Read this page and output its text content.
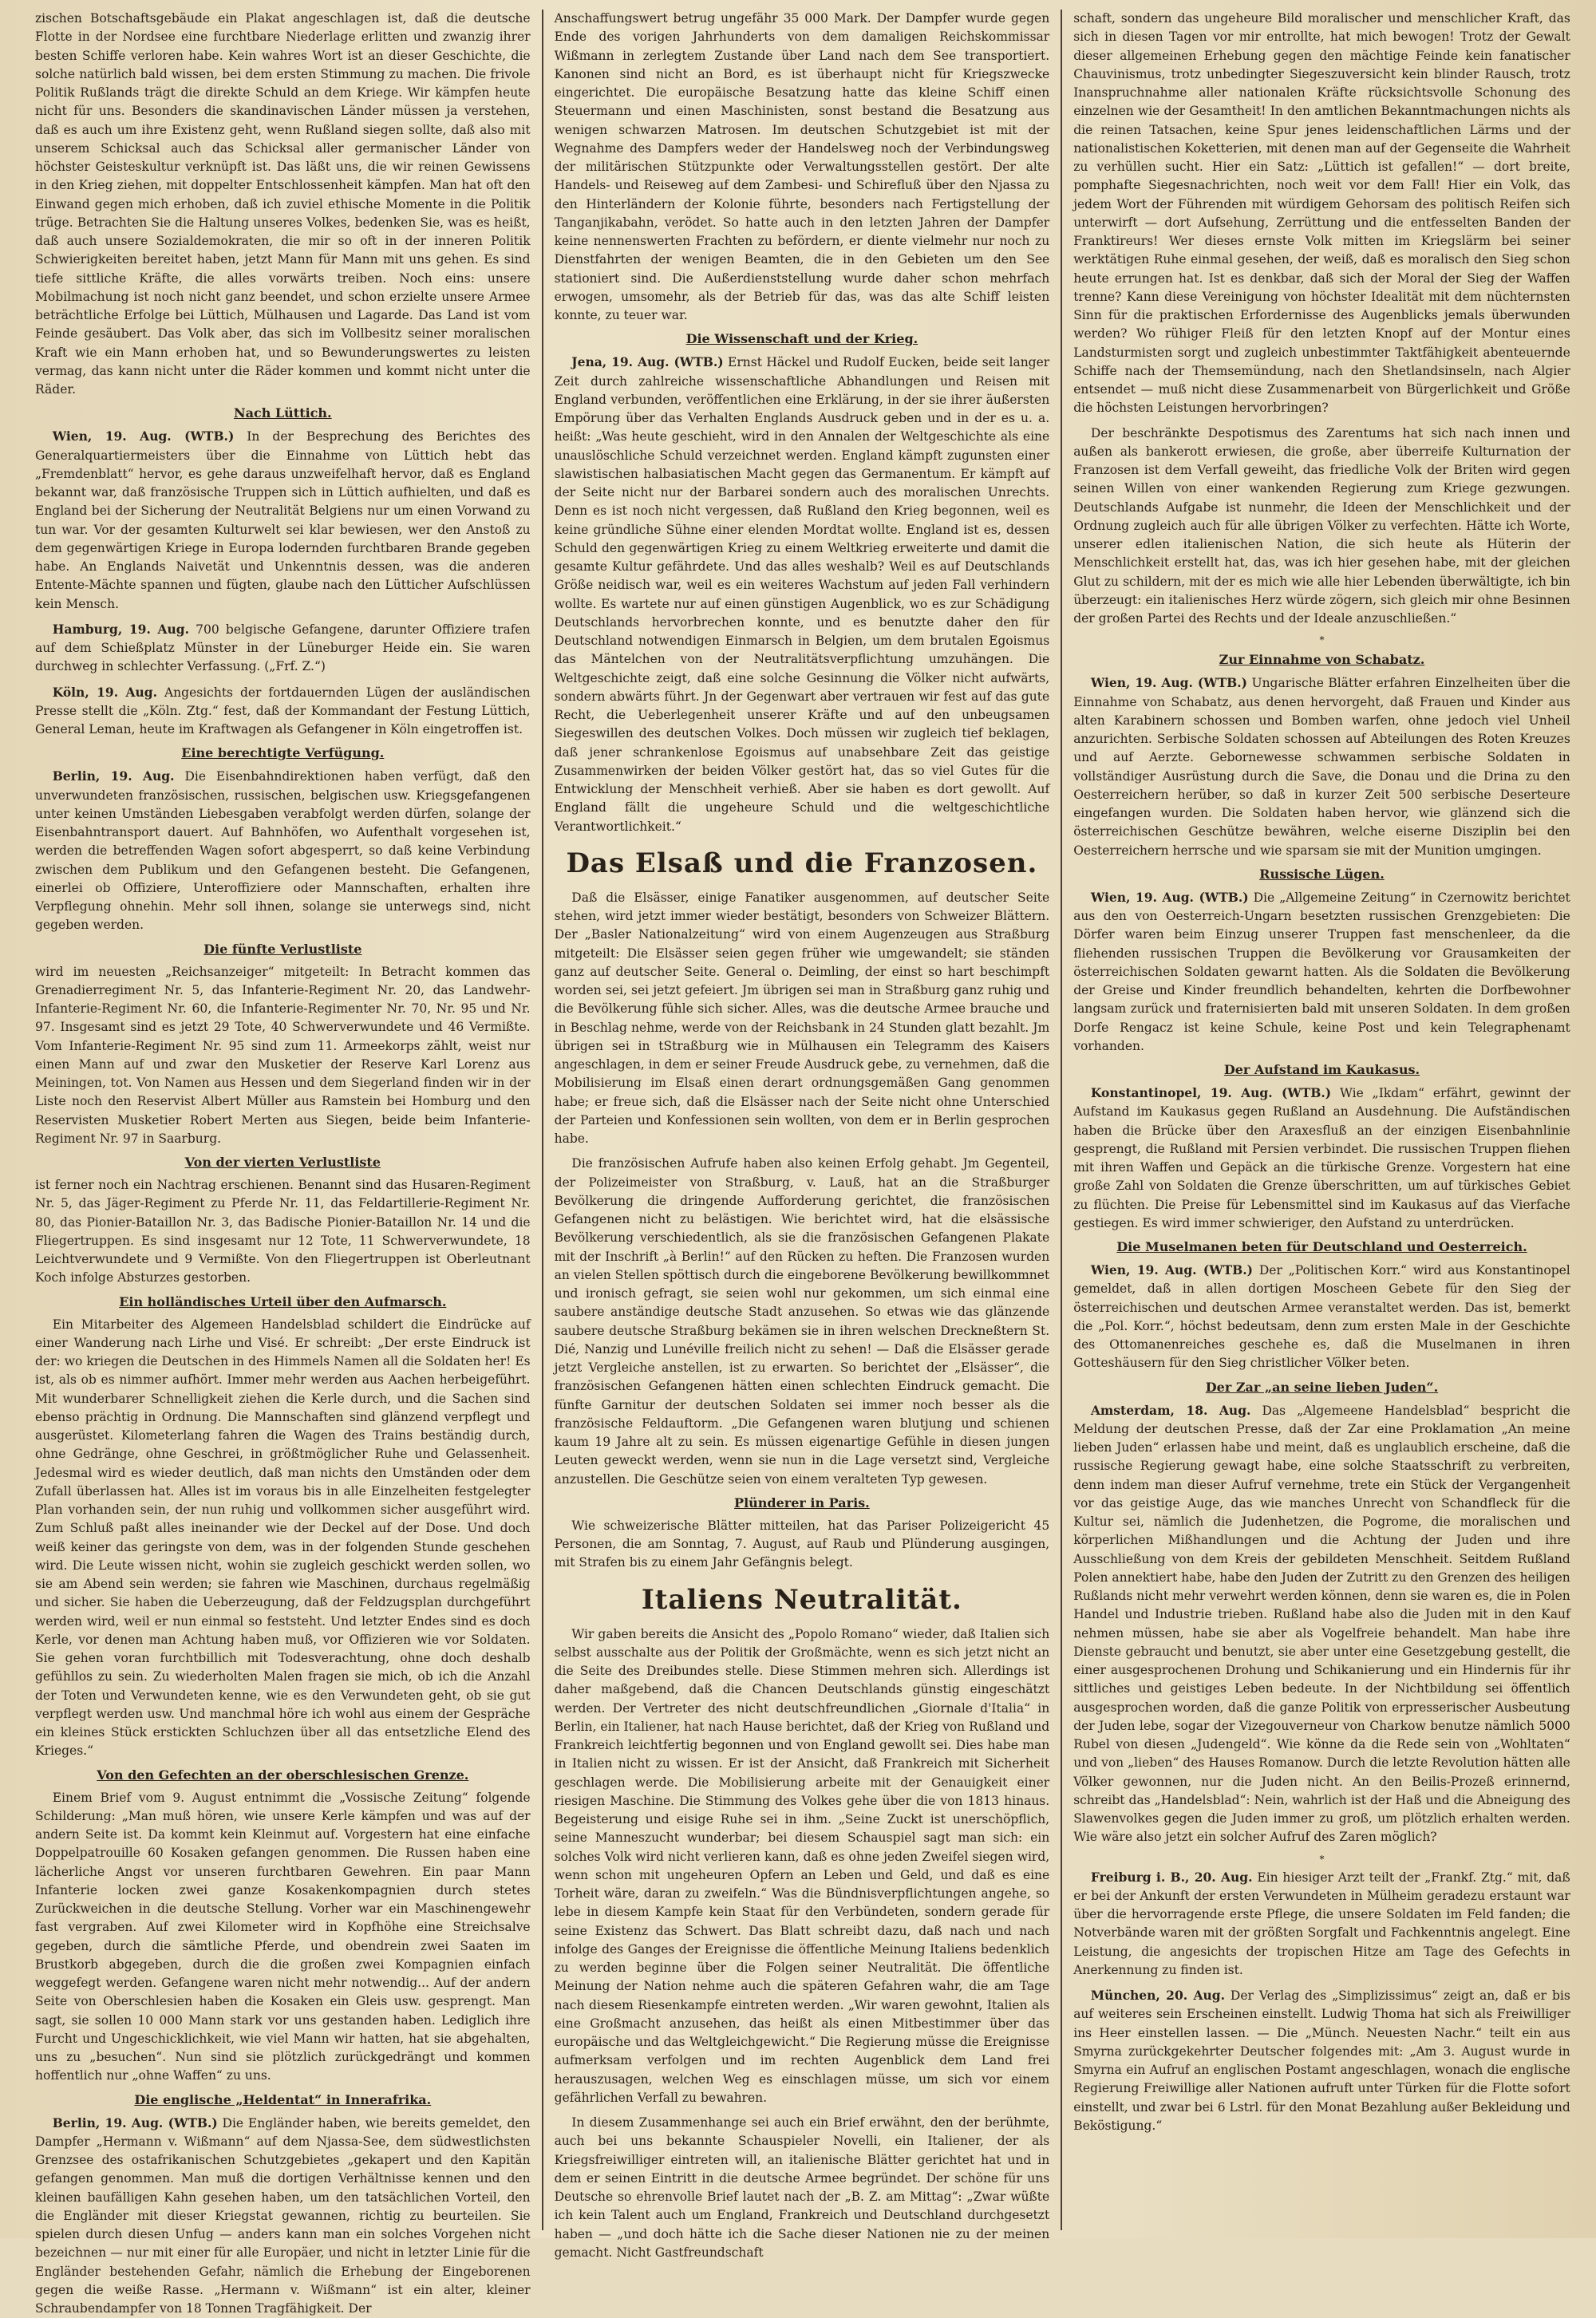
zischen Botschaftsgebäude ein Plakat angeschlagen ist, daß die deutsche Flotte in der Nordsee eine furchtbare Niederlage erlitten und zwanzig ihrer besten Schiffe verloren habe. Kein wahres Wort ist an dieser Geschichte, die solche natürlich bald wissen, bei dem ersten Stimmung zu machen. Die frivole Politik Rußlands trägt die direkte Schuld an dem Kriege. Wir kämpfen heute nicht für uns. Besonders die skandinavischen Länder müssen ja verstehen, daß es auch um ihre Existenz geht, wenn Rußland siegen sollte, daß also mit unserem Schicksal auch das Schicksal aller germanischer Länder von höchster Geisteskultur verknüpft ist. Das läßt uns, die wir reinen Gewissens in den Krieg ziehen, mit doppelter Entschlossenheit kämpfen. Man hat oft den Einwand gegen mich erhoben, daß ich zuviel ethische Momente in die Politik trüge. Betrachten Sie die Haltung unseres Volkes, bedenken Sie, was es heißt, daß auch unsere Sozialdemokraten, die mir so oft in der inneren Politik Schwierigkeiten bereitet haben, jetzt Mann für Mann mit uns gehen. Es sind tiefe sittliche Kräfte, die alles vorwärts treiben. Noch eins: unsere Mobilmachung ist noch nicht ganz beendet, und schon erzielte unsere Armee beträchtliche Erfolge bei Lüttich, Mülhausen und Lagarde. Das Land ist vom Feinde gesäubert. Das Volk aber, das sich im Vollbesitz seiner moralischen Kraft wie ein Mann erhoben hat, und so Bewunderungswertes zu leisten vermag, das kann nicht unter die Räder kommen und kommt nicht unter die Räder.

Nach Lüttich.

Wien, 19. Aug. (WTB.) In der Besprechung des Berichtes des Generalquartiermeisters über die Einnahme von Lüttich hebt das „Fremdenblatt“ hervor, es gehe daraus unzweifelhaft hervor, daß es England bekannt war, daß französische Truppen sich in Lüttich aufhielten, und daß es England bei der Sicherung der Neutralität Belgiens nur um einen Vorwand zu tun war. Vor der gesamten Kulturwelt sei klar bewiesen, wer den Anstoß zu dem gegenwärtigen Kriege in Europa lodernden furchtbaren Brande gegeben habe. An Englands Naivetät und Unkenntnis dessen, was die anderen Entente-Mächte spannen und fügten, glaube nach den Lütticher Aufschlüssen kein Mensch.

Hamburg, 19. Aug. 700 belgische Gefangene, darunter Offiziere trafen auf dem Schießplatz Münster in der Lüneburger Heide ein. Sie waren durchweg in schlechter Verfassung. („Frf. Z.“)

Köln, 19. Aug. Angesichts der fortdauernden Lügen der ausländischen Presse stellt die „Köln. Ztg.“ fest, daß der Kommandant der Festung Lüttich, General Leman, heute im Kraftwagen als Gefangener in Köln eingetroffen ist.

Eine berechtigte Verfügung.

Berlin, 19. Aug. Die Eisenbahndirektionen haben verfügt, daß den unverwundeten französischen, russischen, belgischen usw. Kriegsgefangenen unter keinen Umständen Liebesgaben verabfolgt werden dürfen, solange der Eisenbahntransport dauert. Auf Bahnhöfen, wo Aufenthalt vorgesehen ist, werden die betreffenden Wagen sofort abgesperrt, so daß keine Verbindung zwischen dem Publikum und den Gefangenen besteht. Die Gefangenen, einerlei ob Offiziere, Unteroffiziere oder Mannschaften, erhalten ihre Verpflegung ohnehin. Mehr soll ihnen, solange sie unterwegs sind, nicht gegeben werden.

Die fünfte Verlustliste

wird im neuesten „Reichsanzeiger“ mitgeteilt: In Betracht kommen das Grenadierregiment Nr. 5, das Infanterie-Regiment Nr. 20, das Landwehr-Infanterie-Regiment Nr. 60, die Infanterie-Regimenter Nr. 70, Nr. 95 und Nr. 97. Insgesamt sind es jetzt 29 Tote, 40 Schwerverwundete und 46 Vermißte. Vom Infanterie-Regiment Nr. 95 sind zum 11. Armeekorps zählt, weist nur einen Mann auf und zwar den Musketier der Reserve Karl Lorenz aus Meiningen, tot. Von Namen aus Hessen und dem Siegerland finden wir in der Liste noch den Reservist Albert Müller aus Ramstein bei Homburg und den Reservisten Musketier Robert Merten aus Siegen, beide beim Infanterie-Regiment Nr. 97 in Saarburg.

Von der vierten Verlustliste

ist ferner noch ein Nachtrag erschienen. Benannt sind das Husaren-Regiment Nr. 5, das Jäger-Regiment zu Pferde Nr. 11, das Feldartillerie-Regiment Nr. 80, das Pionier-Bataillon Nr. 3, das Badische Pionier-Bataillon Nr. 14 und die Fliegertruppen. Es sind insgesamt nur 12 Tote, 11 Schwerverwundete, 18 Leichtverwundete und 9 Vermißte. Von den Fliegertruppen ist Oberleutnant Koch infolge Absturzes gestorben.

Ein holländisches Urteil über den Aufmarsch.

Ein Mitarbeiter des Algemeen Handelsblad schildert die Eindrücke auf einer Wanderung nach Lirhe und Visé. Er schreibt: „Der erste Eindruck ist der: wo kriegen die Deutschen in des Himmels Namen all die Soldaten her! Es ist, als ob es nimmer aufhört. Immer mehr werden aus Aachen herbeigeführt. Mit wunderbarer Schnelligkeit ziehen die Kerle durch, und die Sachen sind ebenso prächtig in Ordnung. Die Mannschaften sind glänzend verpflegt und ausgerüstet. Kilometerlang fahren die Wagen des Trains beständig durch, ohne Gedränge, ohne Geschrei, in größtmöglicher Ruhe und Gelassenheit. Jedesmal wird es wieder deutlich, daß man nichts den Umständen oder dem Zufall überlassen hat. Alles ist im voraus bis in alle Einzelheiten festgelegter Plan vorhanden sein, der nun ruhig und vollkommen sicher ausgeführt wird. Zum Schluß paßt alles ineinander wie der Deckel auf der Dose. Und doch weiß keiner das geringste von dem, was in der folgenden Stunde geschehen wird. Die Leute wissen nicht, wohin sie zugleich geschickt werden sollen, wo sie am Abend sein werden; sie fahren wie Maschinen, durchaus regelmäßig und sicher. Sie haben die Ueberzeugung, daß der Feldzugsplan durchgeführt werden wird, weil er nun einmal so feststeht. Und letzter Endes sind es doch Kerle, vor denen man Achtung haben muß, vor Offizieren wie vor Soldaten. Sie gehen voran furchtbillich mit Todesverachtung, ohne doch deshalb gefühllos zu sein. Zu wiederholten Malen fragen sie mich, ob ich die Anzahl der Toten und Verwundeten kenne, wie es den Verwundeten geht, ob sie gut verpflegt werden usw. Und manchmal höre ich wohl aus einem der Gespräche ein kleines Stück erstickten Schluchzen über all das entsetzliche Elend des Krieges.“

Von den Gefechten an der oberschlesischen Grenze.

Einem Brief vom 9. August entnimmt die „Vossische Zeitung“ folgende Schilderung: „Man muß hören, wie unsere Kerle kämpfen und was auf der andern Seite ist. Da kommt kein Kleinmut auf. Vorgestern hat eine einfache Doppelpatrouille 60 Kosaken gefangen genommen. Die Russen haben eine lächerliche Angst vor unseren furchtbaren Gewehren. Ein paar Mann Infanterie locken zwei ganze Kosakenkompagnien durch stetes Zurückweichen in die deutsche Stellung. Vorher war ein Maschinengewehr fast vergraben. Auf zwei Kilometer wird in Kopfhöhe eine Streichsalve gegeben, durch die sämtliche Pferde, und obendrein zwei Saaten im Brustkorb abgegeben, durch die die großen zwei Kompagnien einfach weggefegt werden. Gefangene waren nicht mehr notwendig... Auf der andern Seite von Oberschlesien haben die Kosaken ein Gleis usw. gesprengt. Man sagt, sie sollen 10 000 Mann stark vor uns gestanden haben. Lediglich ihre Furcht und Ungeschicklichkeit, wie viel Mann wir hatten, hat sie abgehalten, uns zu „besuchen“. Nun sind sie plötzlich zurückgedrängt und kommen hoffentlich nur „ohne Waffen“ zu uns.

Die englische „Heldentat“ in Innerafrika.

Berlin, 19. Aug. (WTB.) Die Engländer haben, wie bereits gemeldet, den Dampfer „Hermann v. Wißmann“ auf dem Njassa-See, dem südwestlichsten Grenzsee des ostafrikanischen Schutzgebietes „gekapert und den Kapitän gefangen genommen. Man muß die dortigen Verhältnisse kennen und den kleinen baufälligen Kahn gesehen haben, um den tatsächlichen Vorteil, den die Engländer mit dieser Kriegstat gewannen, richtig zu beurteilen. Sie spielen durch diesen Unfug — anders kann man ein solches Vorgehen nicht bezeichnen — nur mit einer für alle Europäer, und nicht in letzter Linie für die Engländer bestehenden Gefahr, nämlich die Erhebung der Eingeborenen gegen die weiße Rasse. „Hermann v. Wißmann“ ist ein alter, kleiner Schraubendampfer von 18 Tonnen Tragfähigkeit. Der

Anschaffungswert betrug ungefähr 35 000 Mark. Der Dampfer wurde gegen Ende des vorigen Jahrhunderts von dem damaligen Reichskommissar Wißmann in zerlegtem Zustande über Land nach dem See transportiert. Kanonen sind nicht an Bord, es ist überhaupt nicht für Kriegszwecke eingerichtet. Die europäische Besatzung hatte das kleine Schiff einen Steuermann und einen Maschinisten, sonst bestand die Besatzung aus wenigen schwarzen Matrosen. Im deutschen Schutzgebiet ist mit der Wegnahme des Dampfers weder der Handelsweg noch der Verbindungsweg der militärischen Stützpunkte oder Verwaltungsstellen gestört. Der alte Handels- und Reiseweg auf dem Zambesi- und Schirefluß über den Njassa zu den Hinterländern der Kolonie führte, besonders nach Fertigstellung der Tanganjikabahn, verödet. So hatte auch in den letzten Jahren der Dampfer keine nennenswerten Frachten zu befördern, er diente vielmehr nur noch zu Dienstfahrten der wenigen Beamten, die in den Gebieten um den See stationiert sind. Die Außerdienststellung wurde daher schon mehrfach erwogen, umsomehr, als der Betrieb für das, was das alte Schiff leisten konnte, zu teuer war.

Die Wissenschaft und der Krieg.

Jena, 19. Aug. (WTB.) Ernst Häckel und Rudolf Eucken, beide seit langer Zeit durch zahlreiche wissenschaftliche Abhandlungen und Reisen mit England verbunden, veröffentlichen eine Erklärung, in der sie ihrer äußersten Empörung über das Verhalten Englands Ausdruck geben und in der es u. a. heißt: „Was heute geschieht, wird in den Annalen der Weltgeschichte als eine unauslöschliche Schuld verzeichnet werden. England kämpft zugunsten einer slawistischen halbasiatischen Macht gegen das Germanentum. Er kämpft auf der Seite nicht nur der Barbarei sondern auch des moralischen Unrechts. Denn es ist noch nicht vergessen, daß Rußland den Krieg begonnen, weil es keine gründliche Sühne einer elenden Mordtat wollte. England ist es, dessen Schuld den gegenwärtigen Krieg zu einem Weltkrieg erweiterte und damit die gesamte Kultur gefährdete. Und das alles weshalb? Weil es auf Deutschlands Größe neidisch war, weil es ein weiteres Wachstum auf jeden Fall verhindern wollte. Es wartete nur auf einen günstigen Augenblick, wo es zur Schädigung Deutschlands hervorbrechen konnte, und es benutzte daher den für Deutschland notwendigen Einmarsch in Belgien, um dem brutalen Egoismus das Mäntelchen von der Neutralitätsverpflichtung umzuhängen. Die Weltgeschichte zeigt, daß eine solche Gesinnung die Völker nicht aufwärts, sondern abwärts führt. Jn der Gegenwart aber vertrauen wir fest auf das gute Recht, die Ueberlegenheit unserer Kräfte und auf den unbeugsamen Siegeswillen des deutschen Volkes. Doch müssen wir zugleich tief beklagen, daß jener schrankenlose Egoismus auf unabsehbare Zeit das geistige Zusammenwirken der beiden Völker gestört hat, das so viel Gutes für die Entwicklung der Menschheit verhieß. Aber sie haben es dort gewollt. Auf England fällt die ungeheure Schuld und die weltgeschichtliche Verantwortlichkeit.“

Das Elsaß und die Franzosen.

Daß die Elsässer, einige Fanatiker ausgenommen, auf deutscher Seite stehen, wird jetzt immer wieder bestätigt, besonders von Schweizer Blättern. Der „Basler Nationalzeitung“ wird von einem Augenzeugen aus Straßburg mitgeteilt: Die Elsässer seien gegen früher wie umgewandelt; sie ständen ganz auf deutscher Seite. General o. Deimling, der einst so hart beschimpft worden sei, sei jetzt gefeiert. Jm übrigen sei man in Straßburg ganz ruhig und die Bevölkerung fühle sich sicher. Alles, was die deutsche Armee brauche und in Beschlag nehme, werde von der Reichsbank in 24 Stunden glatt bezahlt. Jm übrigen sei in tStraßburg wie in Mülhausen ein Telegramm des Kaisers angeschlagen, in dem er seiner Freude Ausdruck gebe, zu vernehmen, daß die Mobilisierung im Elsaß einen derart ordnungsgemäßen Gang genommen habe; er freue sich, daß die Elsässer nach der Seite nicht ohne Unterschied der Parteien und Konfessionen sein wollten, von dem er in Berlin gesprochen habe.

Die französischen Aufrufe haben also keinen Erfolg gehabt. Jm Gegenteil, der Polizeimeister von Straßburg, v. Lauß, hat an die Straßburger Bevölkerung die dringende Aufforderung gerichtet, die französischen Gefangenen nicht zu belästigen. Wie berichtet wird, hat die elsässische Bevölkerung verschiedentlich, als sie die französischen Gefangenen Plakate mit der Inschrift „à Berlin!“ auf den Rücken zu heften. Die Franzosen wurden an vielen Stellen spöttisch durch die eingeborene Bevölkerung bewillkommnet und ironisch gefragt, sie seien wohl nur gekommen, um sich einmal eine saubere anständige deutsche Stadt anzusehen. So etwas wie das glänzende saubere deutsche Straßburg bekämen sie in ihren welschen Dreckneßtern St. Dié, Nanzig und Lunéville freilich nicht zu sehen! — Daß die Elsässer gerade jetzt Vergleiche anstellen, ist zu erwarten. So berichtet der „Elsässer“, die französischen Gefangenen hätten einen schlechten Eindruck gemacht. Die fünfte Garnitur der deutschen Soldaten sei immer noch besser als die französische Feldauftorm. „Die Gefangenen waren blutjung und schienen kaum 19 Jahre alt zu sein. Es müssen eigenartige Gefühle in diesen jungen Leuten geweckt werden, wenn sie nun in die Lage versetzt sind, Vergleiche anzustellen. Die Geschütze seien von einem veralteten Typ gewesen.

Plünderer in Paris.

Wie schweizerische Blätter mitteilen, hat das Pariser Polizeigericht 45 Personen, die am Sonntag, 7. August, auf Raub und Plünderung ausgingen, mit Strafen bis zu einem Jahr Gefängnis belegt.

Italiens Neutralität.

Wir gaben bereits die Ansicht des „Popolo Romano“ wieder, daß Italien sich selbst ausschalte aus der Politik der Großmächte, wenn es sich jetzt nicht an die Seite des Dreibundes stelle. Diese Stimmen mehren sich. Allerdings ist daher maßgebend, daß die Chancen Deutschlands günstig eingeschätzt werden. Der Vertreter des nicht deutschfreundlichen „Giornale d'Italia“ in Berlin, ein Italiener, hat nach Hause berichtet, daß der Krieg von Rußland und Frankreich leichtfertig begonnen und von England gewollt sei. Dies habe man in Italien nicht zu wissen. Er ist der Ansicht, daß Frankreich mit Sicherheit geschlagen werde. Die Mobilisierung arbeite mit der Genauigkeit einer riesigen Maschine. Die Stimmung des Volkes gehe über die von 1813 hinaus. Begeisterung und eisige Ruhe sei in ihm. „Seine Zuckt ist unerschöpflich, seine Manneszucht wunderbar; bei diesem Schauspiel sagt man sich: ein solches Volk wird nicht verlieren kann, daß es ohne jeden Zweifel siegen wird, wenn schon mit ungeheuren Opfern an Leben und Geld, und daß es eine Torheit wäre, daran zu zweifeln.“ Was die Bündnisverpflichtungen angehe, so lebe in diesem Kampfe kein Staat für den Verbündeten, sondern gerade für seine Existenz das Schwert. Das Blatt schreibt dazu, daß nach und nach infolge des Ganges der Ereignisse die öffentliche Meinung Italiens bedenklich zu werden beginne über die Folgen seiner Neutralität. Die öffentliche Meinung der Nation nehme auch die späteren Gefahren wahr, die am Tage nach diesem Riesenkampfe eintreten werden. „Wir waren gewohnt, Italien als eine Großmacht anzusehen, das heißt als einen Mitbestimmer über das europäische und das Weltgleichgewicht.“ Die Regierung müsse die Ereignisse aufmerksam verfolgen und im rechten Augenblick dem Land frei herauszusagen, welchen Weg es einschlagen müsse, um sich vor einem gefährlichen Verfall zu bewahren.

In diesem Zusammenhange sei auch ein Brief erwähnt, den der berühmte, auch bei uns bekannte Schauspieler Novelli, ein Italiener, der als Kriegsfreiwilliger eintreten will, an italienische Blätter gerichtet hat und in dem er seinen Eintritt in die deutsche Armee begründet. Der schöne für uns Deutsche so ehrenvolle Brief lautet nach der „B. Z. am Mittag“: „Zwar wüßte ich kein Talent auch um England, Frankreich und Deutschland durchgesetzt haben — „und doch hätte ich die Sache dieser Nationen nie zu der meinen gemacht. Nicht Gastfreundschaft

schaft, sondern das ungeheure Bild moralischer und menschlicher Kraft, das sich in diesen Tagen vor mir entrollte, hat mich bewogen! Trotz der Gewalt dieser allgemeinen Erhebung gegen den mächtige Feinde kein fanatischer Chauvinismus, trotz unbedingter Siegeszuversicht kein blinder Rausch, trotz Inanspruchnahme aller nationalen Kräfte rücksichtsvolle Schonung des einzelnen wie der Gesamtheit! In den amtlichen Bekanntmachungen nichts als die reinen Tatsachen, keine Spur jenes leidenschaftlichen Lärms und der nationalistischen Koketterien, mit denen man auf der Gegenseite die Wahrheit zu verhüllen sucht. Hier ein Satz: „Lüttich ist gefallen!“ — dort breite, pomphafte Siegesnachrichten, noch weit vor dem Fall! Hier ein Volk, das jedem Wort der Führenden mit würdigem Gehorsam des politisch Reifen sich unterwirft — dort Aufsehung, Zerrüttung und die entfesselten Banden der Franktireurs! Wer dieses ernste Volk mitten im Kriegslärm bei seiner werktätigen Ruhe einmal gesehen, der weiß, daß es moralisch den Sieg schon heute errungen hat. Ist es denkbar, daß sich der Moral der Sieg der Waffen trenne? Kann diese Vereinigung von höchster Idealität mit dem nüchternsten Sinn für die praktischen Erfordernisse des Augenblicks jemals überwunden werden? Wo rühiger Fleiß für den letzten Knopf auf der Montur eines Landsturmisten sorgt und zugleich unbestimmter Taktfähigkeit abenteuernde Schiffe nach der Themsemündung, nach den Shetlandsinseln, nach Algier entsendet — muß nicht diese Zusammenarbeit von Bürgerlichkeit und Größe die höchsten Leistungen hervorbringen?

Der beschränkte Despotismus des Zarentums hat sich nach innen und außen als bankerott erwiesen, die große, aber überreife Kulturnation der Franzosen ist dem Verfall geweiht, das friedliche Volk der Briten wird gegen seinen Willen von einer wankenden Regierung zum Kriege gezwungen. Deutschlands Aufgabe ist nunmehr, die Ideen der Menschlichkeit und der Ordnung zugleich auch für alle übrigen Völker zu verfechten. Hätte ich Worte, unserer edlen italienischen Nation, die sich heute als Hüterin der Menschlichkeit erstellt hat, das, was ich hier gesehen habe, mit der gleichen Glut zu schildern, mit der es mich wie alle hier Lebenden überwältigte, ich bin überzeugt: ein italienisches Herz würde zögern, sich gleich mir ohne Besinnen der großen Partei des Rechts und der Ideale anzuschließen.“

*
Zur Einnahme von Schabatz.

Wien, 19. Aug. (WTB.) Ungarische Blätter erfahren Einzelheiten über die Einnahme von Schabatz, aus denen hervorgeht, daß Frauen und Kinder aus alten Karabinern schossen und Bomben warfen, ohne jedoch viel Unheil anzurichten. Serbische Soldaten schossen auf Abteilungen des Roten Kreuzes und auf Aerzte. Gebornewesse schwammen serbische Soldaten in vollständiger Ausrüstung durch die Save, die Donau und die Drina zu den Oesterreichern herüber, so daß in kurzer Zeit 500 serbische Deserteure eingefangen wurden. Die Soldaten haben hervor, wie glänzend sich die österreichischen Geschütze bewähren, welche eiserne Disziplin bei den Oesterreichern herrsche und wie sparsam sie mit der Munition umgingen.

Russische Lügen.

Wien, 19. Aug. (WTB.) Die „Allgemeine Zeitung“ in Czernowitz berichtet aus den von Oesterreich-Ungarn besetzten russischen Grenzgebieten: Die Dörfer waren beim Einzug unserer Truppen fast menschenleer, da die fliehenden russischen Truppen die Bevölkerung vor Grausamkeiten der österreichischen Soldaten gewarnt hatten. Als die Soldaten die Bevölkerung der Greise und Kinder freundlich behandelten, kehrten die Dorfbewohner langsam zurück und fraternisierten bald mit unseren Soldaten. In dem großen Dorfe Rengacz ist keine Schule, keine Post und kein Telegraphenamt vorhanden.

Der Aufstand im Kaukasus.

Konstantinopel, 19. Aug. (WTB.) Wie „Ikdam“ erfährt, gewinnt der Aufstand im Kaukasus gegen Rußland an Ausdehnung. Die Aufständischen haben die Brücke über den Araxesfluß an der einzigen Eisenbahnlinie gesprengt, die Rußland mit Persien verbindet. Die russischen Truppen fliehen mit ihren Waffen und Gepäck an die türkische Grenze. Vorgestern hat eine große Zahl von Soldaten die Grenze überschritten, um auf türkisches Gebiet zu flüchten. Die Preise für Lebensmittel sind im Kaukasus auf das Vierfache gestiegen. Es wird immer schwieriger, den Aufstand zu unterdrücken.

Die Muselmanen beten für Deutschland und Oesterreich.

Wien, 19. Aug. (WTB.) Der „Politischen Korr.“ wird aus Konstantinopel gemeldet, daß in allen dortigen Moscheen Gebete für den Sieg der österreichischen und deutschen Armee veranstaltet werden. Das ist, bemerkt die „Pol. Korr.“, höchst bedeutsam, denn zum ersten Male in der Geschichte des Ottomanenreiches geschehe es, daß die Muselmanen in ihren Gotteshäusern für den Sieg christlicher Völker beten.

Der Zar „an seine lieben Juden“.

Amsterdam, 18. Aug. Das „Algemeene Handelsblad“ bespricht die Meldung der deutschen Presse, daß der Zar eine Proklamation „An meine lieben Juden“ erlassen habe und meint, daß es unglaublich erscheine, daß die russische Regierung gewagt habe, eine solche Staatsschrift zu verbreiten, denn indem man dieser Aufruf vernehme, trete ein Stück der Vergangenheit vor das geistige Auge, das wie manches Unrecht von Schandfleck für die Kultur sei, nämlich die Judenhetzen, die Pogrome, die moralischen und körperlichen Mißhandlungen und die Achtung der Juden und ihre Ausschließung von dem Kreis der gebildeten Menschheit. Seitdem Rußland Polen annektiert habe, habe den Juden der Zutritt zu den Grenzen des heiligen Rußlands nicht mehr verwehrt werden können, denn sie waren es, die in Polen Handel und Industrie trieben. Rußland habe also die Juden mit in den Kauf nehmen müssen, habe sie aber als Vogelfreie behandelt. Man habe ihre Dienste gebraucht und benutzt, sie aber unter eine Gesetzgebung gestellt, die einer ausgesprochenen Drohung und Schikanierung und ein Hindernis für ihr sittliches und geistiges Leben bedeute. In der Nichtbildung sei öffentlich ausgesprochen worden, daß die ganze Politik von erpresserischer Ausbeutung der Juden lebe, sogar der Vizegouverneur von Charkow benutze nämlich 5000 Rubel von diesen „Judengeld“. Wie könne da die Rede sein von „Wohltaten“ und von „lieben“ des Hauses Romanow. Durch die letzte Revolution hätten alle Völker gewonnen, nur die Juden nicht. An den Beilis-Prozeß erinnernd, schreibt das „Handelsblad“: Nein, wahrlich ist der Haß und die Abneigung des Slawenvolkes gegen die Juden immer zu groß, um plötzlich erhalten werden. Wie wäre also jetzt ein solcher Aufruf des Zaren möglich?

*

Freiburg i. B., 20. Aug. Ein hiesiger Arzt teilt der „Frankf. Ztg.“ mit, daß er bei der Ankunft der ersten Verwundeten in Mülheim geradezu erstaunt war über die hervorragende erste Pflege, die unsere Soldaten im Feld fanden; die Notverbände waren mit der größten Sorgfalt und Fachkenntnis angelegt. Eine Leistung, die angesichts der tropischen Hitze am Tage des Gefechts in Anerkennung zu finden ist.

München, 20. Aug. Der Verlag des „Simplizissimus“ zeigt an, daß er bis auf weiteres sein Erscheinen einstellt. Ludwig Thoma hat sich als Freiwilliger ins Heer einstellen lassen. — Die „Münch. Neuesten Nachr.“ teilt ein aus Smyrna zurückgekehrter Deutscher folgendes mit: „Am 3. August wurde in Smyrna ein Aufruf an englischen Postamt angeschlagen, wonach die englische Regierung Freiwillige aller Nationen aufruft unter Türken für die Flotte sofort einstellt, und zwar bei 6 Lstrl. für den Monat Bezahlung außer Bekleidung und Beköstigung.“
